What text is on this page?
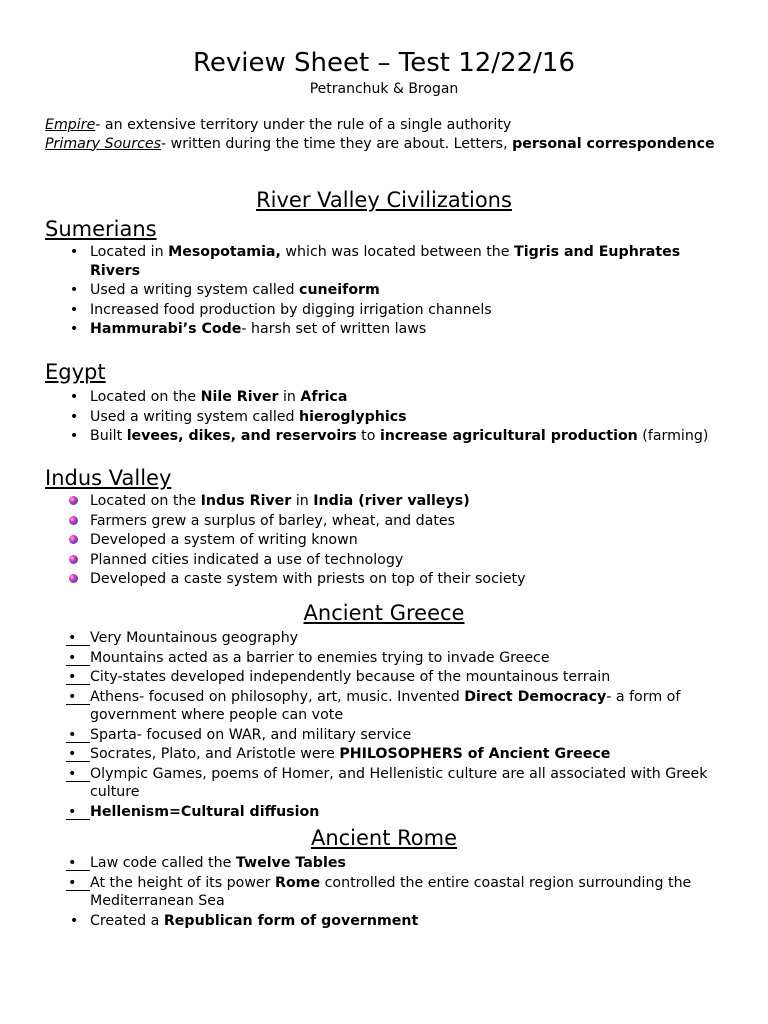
Review Sheet – Test 12/22/16
Petranchuk & Brogan

Empire- an extensive territory under the rule of a single authority

Primary Sources- written during the time they are about. Letters, personal correspondence

River Valley Civilizations
Sumerians
•
Located in Mesopotamia, which was located between the Tigris and Euphrates Rivers
•
Used a writing system called cuneiform
•
Increased food production by digging irrigation channels
•
Hammurabi’s Code- harsh set of written laws
Egypt
•
Located on the Nile River in Africa
•
Used a writing system called hieroglyphics
•
Built levees, dikes, and reservoirs to increase agricultural production (farming)
Indus Valley
Located on the Indus River in India (river valleys)
Farmers grew a surplus of barley, wheat, and dates
Developed a system of writing known
Planned cities indicated a use of technology
Developed a caste system with priests on top of their society
Ancient Greece
•
Very Mountainous geography
•
Mountains acted as a barrier to enemies trying to invade Greece
•
City-states developed independently because of the mountainous terrain
•
Athens- focused on philosophy, art, music. Invented Direct Democracy- a form of government where people can vote
•
Sparta- focused on WAR, and military service
•
Socrates, Plato, and Aristotle were PHILOSOPHERS of Ancient Greece
•
Olympic Games, poems of Homer, and Hellenistic culture are all associated with Greek culture
•
Hellenism=Cultural diffusion
Ancient Rome
•
Law code called the Twelve Tables
•
At the height of its power Rome controlled the entire coastal region surrounding the Mediterranean Sea
•
Created a Republican form of government
